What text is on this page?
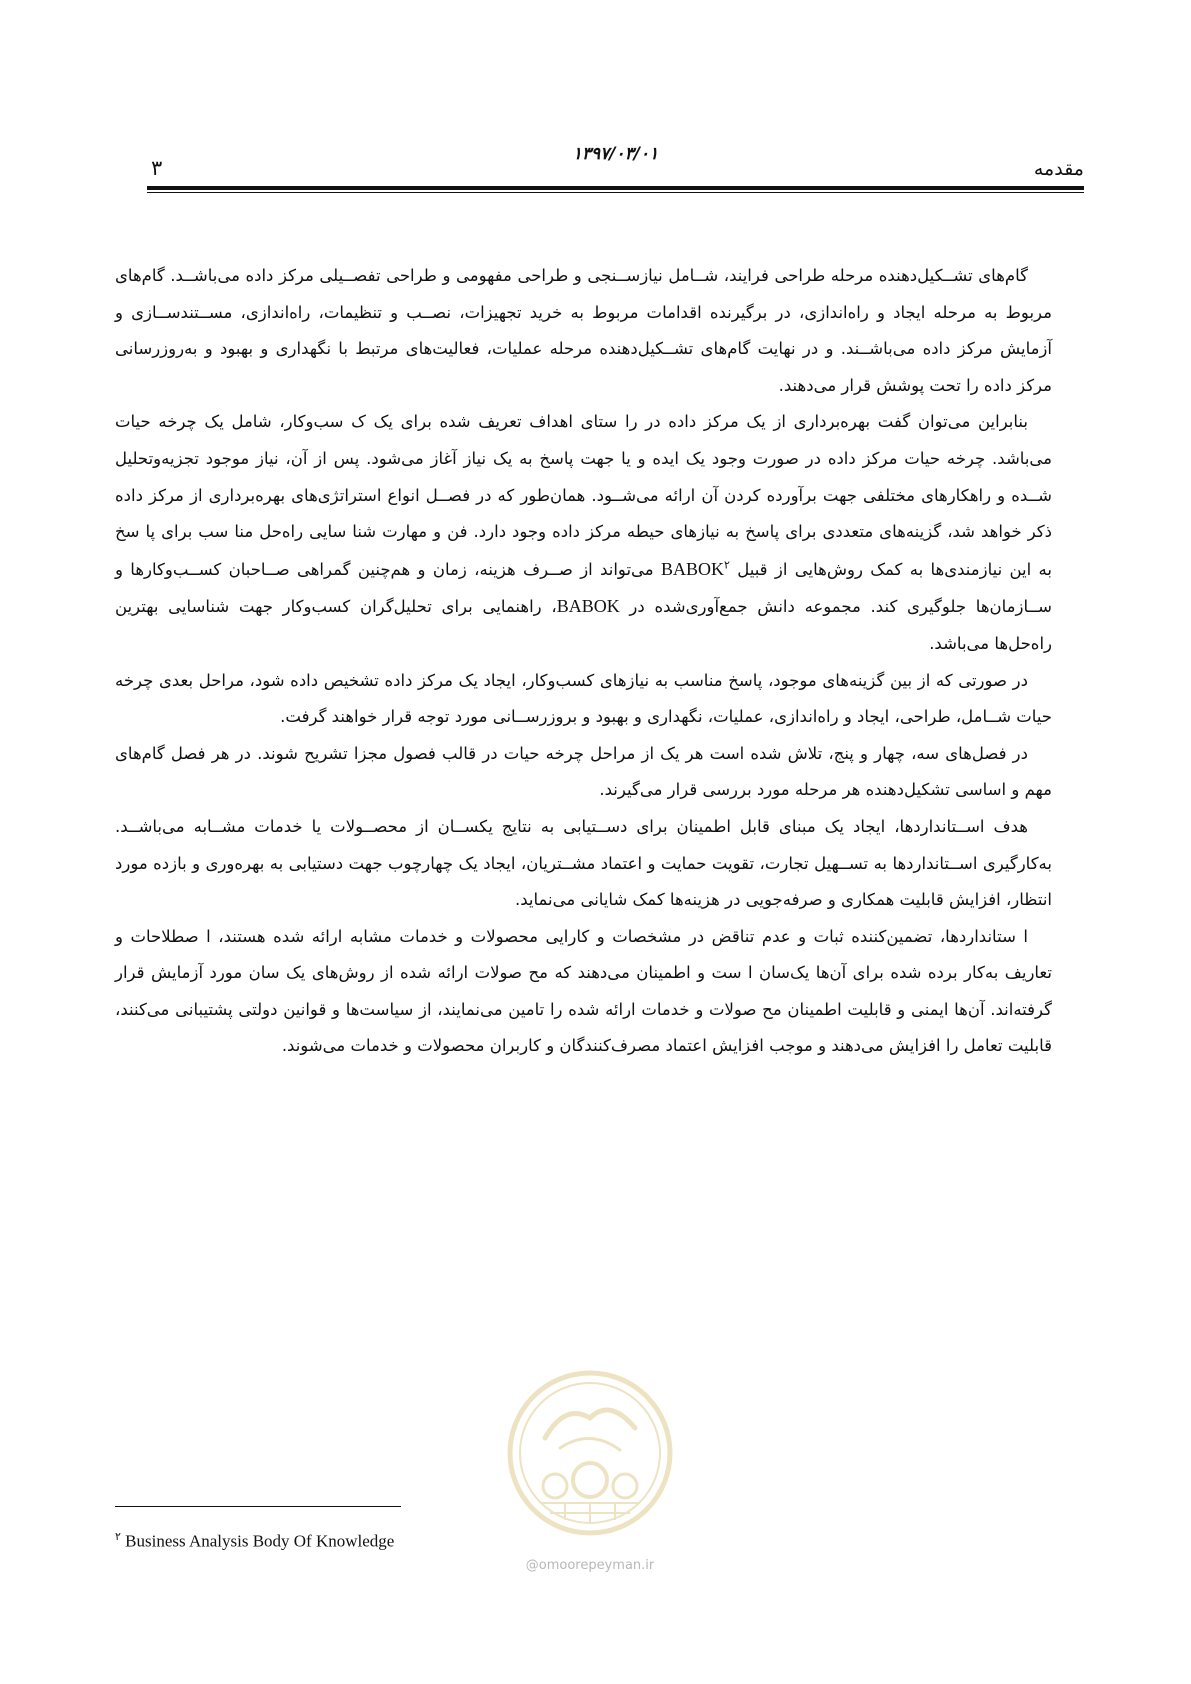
مقدمه
۱۳۹۷/۰۳/۰۱
۳

گام‌های تشــکیل‌دهنده مرحله طراحی فرایند، شــامل نیازســنجی و طراحی مفهومی و طراحی تفصــیلی مرکز داده می‌باشــد. گام‌های مربوط به مرحله ایجاد و راه‌اندازی، در برگیرنده اقدامات مربوط به خرید تجهیزات، نصــب و تنظیمات، راه‌اندازی، مســتندســازی و آزمایش مرکز داده می‌باشــند. و در نهایت گام‌های تشــکیل‌دهنده مرحله عملیات، فعالیت‌های مرتبط با نگهداری و بهبود و به‌روزرسانی مرکز داده را تحت پوشش قرار می‌دهند.

بنابراین می‌توان گفت بهره‌برداری از یک مرکز داده در را ستای اهداف تعریف شده برای یک ک سب‌وکار، شامل یک چرخه حیات می‌باشد. چرخه حیات مرکز داده در صورت وجود یک ایده و یا جهت پاسخ به یک نیاز آغاز می‌شود. پس از آن، نیاز موجود تجزیه‌وتحلیل شــده و راهکارهای مختلفی جهت برآورده کردن آن ارائه می‌شــود. همان‌طور که در فصــل انواع استراتژی‌های بهره‌برداری از مرکز داده ذکر خواهد شد، گزینه‌های متعددی برای پاسخ به نیازهای حیطه مرکز داده وجود دارد. فن و مهارت شنا سایی راه‌حل منا سب برای پا سخ به این نیازمندی‌ها به کمک روش‌هایی از قبیل BABOK$^۲$ می‌تواند از صــرف هزینه، زمان و هم‌چنین گمراهی صــاحبان کســب‌وکارها و ســازمان‌ها جلوگیری کند. مجموعه دانش جمع‌آوری‌شده در BABOK، راهنمایی برای تحلیل‌گران کسب‌وکار جهت شناسایی بهترین راه‌حل‌ها می‌باشد.

در صورتی که از بین گزینه‌های موجود، پاسخ مناسب به نیازهای کسب‌وکار، ایجاد یک مرکز داده تشخیص داده شود، مراحل بعدی چرخه حیات شــامل، طراحی، ایجاد و راه‌اندازی، عملیات، نگهداری و بهبود و بروزرســانی مورد توجه قرار خواهند گرفت.

در فصل‌های سه، چهار و پنج، تلاش شده است هر یک از مراحل چرخه حیات در قالب فصول مجزا تشریح شوند. در هر فصل گام‌های مهم و اساسی تشکیل‌دهنده هر مرحله مورد بررسی قرار می‌گیرند.

هدف اســتانداردها، ایجاد یک مبنای قابل اطمینان برای دســتیابی به نتایج یکســان از محصــولات یا خدمات مشــابه می‌باشــد. به‌کارگیری اســتانداردها به تســهیل تجارت، تقویت حمایت و اعتماد مشــتریان، ایجاد یک چهارچوب جهت دستیابی به بهره‌وری و بازده مورد انتظار، افزایش قابلیت همکاری و صرفه‌جویی در هزینه‌ها کمک شایانی می‌نماید.

ا ستانداردها، تضمین‌کننده ثبات و عدم تناقض در مشخصات و کارایی محصولات و خدمات مشابه ارائه شده هستند، ا صطلاحات و تعاریف به‌کار برده شده برای آن‌ها یک‌سان ا ست و اطمینان می‌دهند که مح صولات ارائه شده از روش‌های یک سان مورد آزمایش قرار گرفته‌اند. آن‌ها ایمنی و قابلیت اطمینان مح صولات و خدمات ارائه شده را تامین می‌نمایند، از سیاست‌ها و قوانین دولتی پشتیبانی می‌کنند، قابلیت تعامل را افزایش می‌دهند و موجب افزایش اعتماد مصرف‌کنندگان و کاربران محصولات و خدمات می‌شوند.

@omoorepeyman.ir
$^۲$ Business Analysis Body Of Knowledge
